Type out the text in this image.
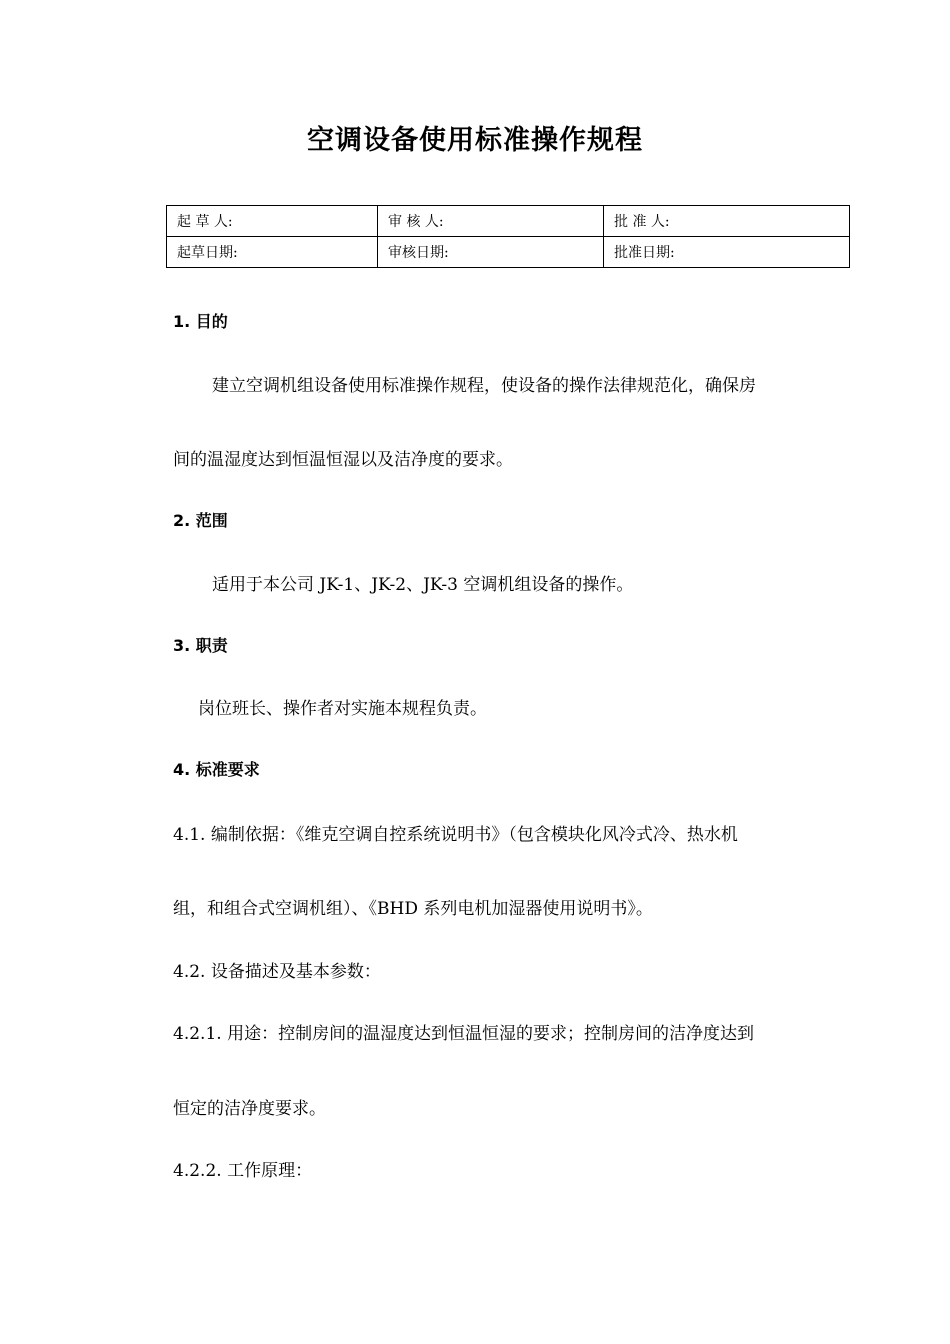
空调设备使用标准操作规程
起 草 人:	审 核 人:	批 准 人:
起草日期:	审核日期:	批准日期:
1. 目的
建立空调机组设备使用标准操作规程，使设备的操作法律规范化，确保房
间的温湿度达到恒温恒湿以及洁净度的要求。
2. 范围
适用于本公司 JK-1、JK-2、JK-3 空调机组设备的操作。
3. 职责
岗位班长、操作者对实施本规程负责。
4. 标准要求
4.1. 编制依据：《维克空调自控系统说明书》（包含模块化风冷式冷、热水机
组，和组合式空调机组）、《BHD 系列电机加湿器使用说明书》。
4.2. 设备描述及基本参数：
4.2.1. 用途：控制房间的温湿度达到恒温恒湿的要求；控制房间的洁净度达到
恒定的洁净度要求。
4.2.2. 工作原理：
